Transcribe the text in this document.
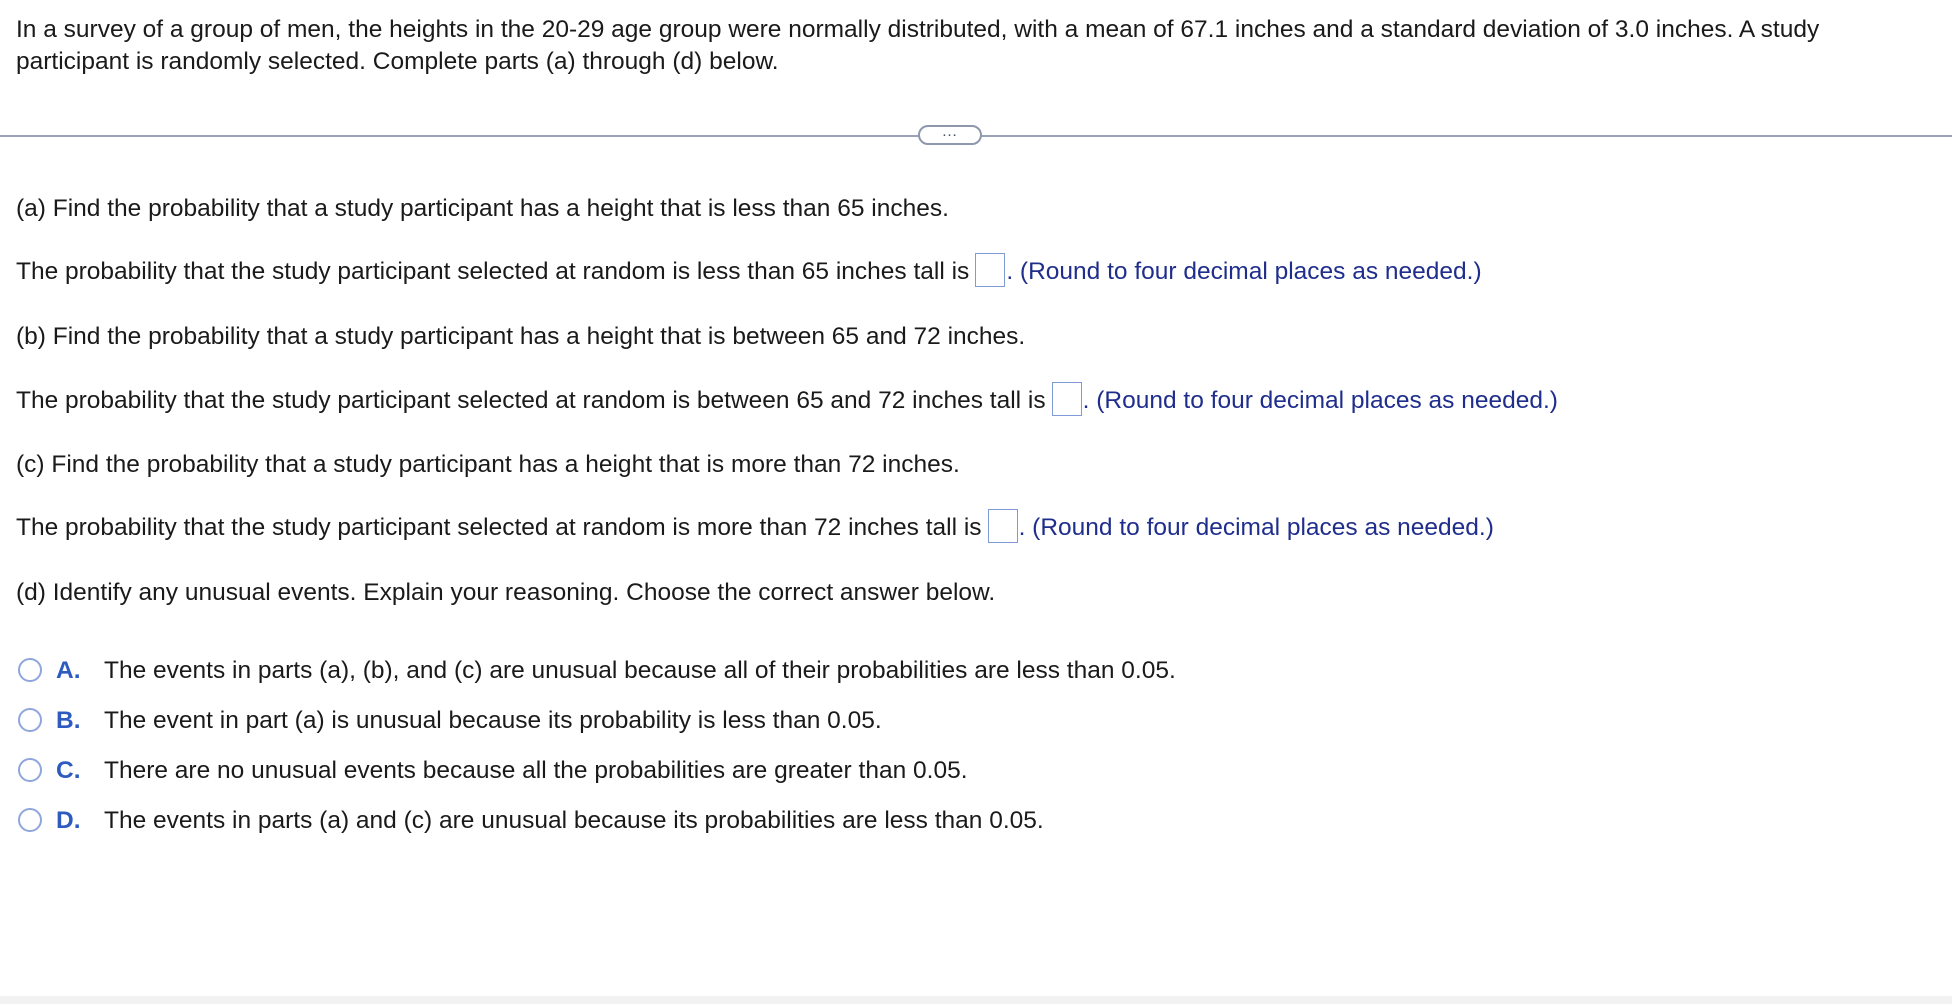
In a survey of a group of men, the heights in the 20-29 age group were normally distributed, with a mean of 67.1 inches and a standard deviation of 3.0 inches. A study participant is randomly selected. Complete parts (a) through (d) below.
…
(a) Find the probability that a study participant has a height that is less than 65 inches.
The probability that the study participant selected at random is less than 65 inches tall is . (Round to four decimal places as needed.)
(b) Find the probability that a study participant has a height that is between 65 and 72 inches.
The probability that the study participant selected at random is between 65 and 72 inches tall is . (Round to four decimal places as needed.)
(c) Find the probability that a study participant has a height that is more than 72 inches.
The probability that the study participant selected at random is more than 72 inches tall is . (Round to four decimal places as needed.)
(d) Identify any unusual events. Explain your reasoning. Choose the correct answer below.
A. The events in parts (a), (b), and (c) are unusual because all of their probabilities are less than 0.05.
B. The event in part (a) is unusual because its probability is less than 0.05.
C. There are no unusual events because all the probabilities are greater than 0.05.
D. The events in parts (a) and (c) are unusual because its probabilities are less than 0.05.
